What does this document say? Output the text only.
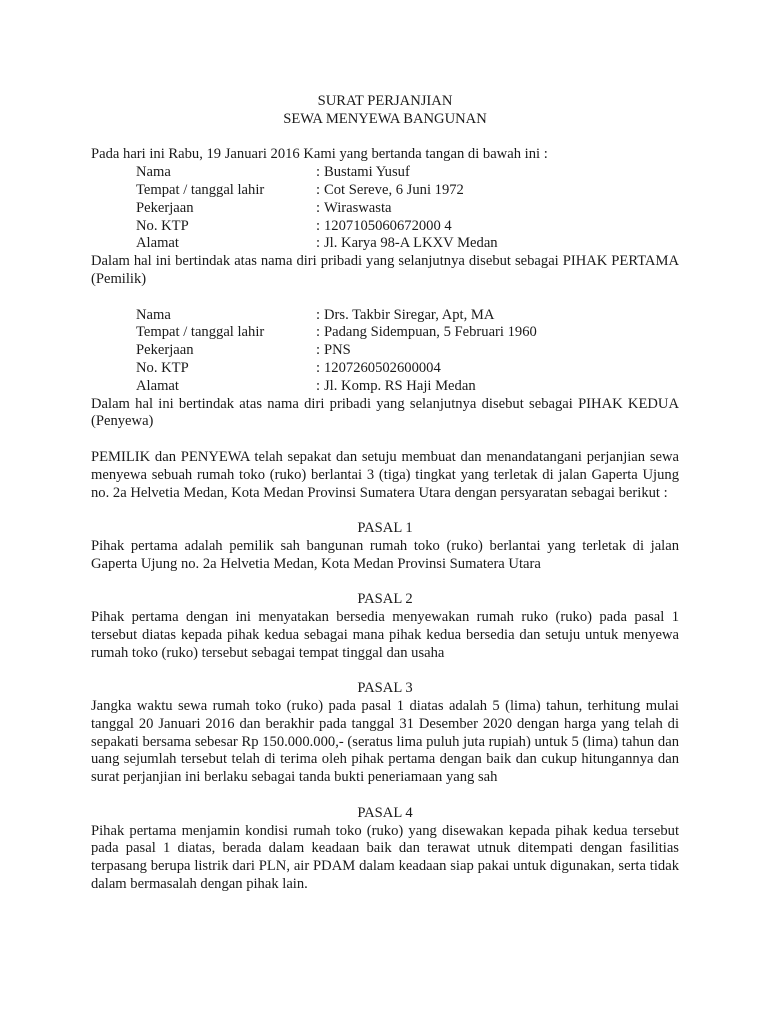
SURAT PERJANJIAN

SEWA MENYEWA BANGUNAN

Pada hari ini Rabu, 19 Januari 2016 Kami yang bertanda tangan di bawah ini :

Nama	: Bustami Yusuf
Tempat / tanggal lahir	: Cot Sereve, 6 Juni 1972
Pekerjaan	: Wiraswasta
No. KTP	: 1207105060672000 4
Alamat	: Jl. Karya 98-A LKXV Medan

Dalam hal ini bertindak atas nama diri pribadi yang selanjutnya disebut sebagai PIHAK PERTAMA (Pemilik)

Nama	: Drs. Takbir Siregar, Apt, MA
Tempat / tanggal lahir	: Padang Sidempuan, 5 Februari 1960
Pekerjaan	: PNS
No. KTP	: 1207260502600004
Alamat	: Jl. Komp. RS Haji Medan

Dalam hal ini bertindak atas nama diri pribadi yang selanjutnya disebut sebagai PIHAK KEDUA (Penyewa)

PEMILIK dan PENYEWA telah sepakat dan setuju membuat dan menandatangani perjanjian sewa menyewa sebuah rumah toko (ruko) berlantai 3 (tiga) tingkat yang terletak di jalan Gaperta Ujung no. 2a Helvetia Medan, Kota Medan Provinsi Sumatera Utara dengan persyaratan sebagai berikut :

PASAL 1

Pihak pertama adalah pemilik sah bangunan rumah toko (ruko) berlantai yang terletak di jalan Gaperta Ujung no. 2a Helvetia Medan, Kota Medan Provinsi Sumatera Utara

PASAL 2

Pihak pertama dengan ini menyatakan bersedia menyewakan rumah ruko (ruko) pada pasal 1 tersebut diatas kepada pihak kedua sebagai mana pihak kedua bersedia dan setuju untuk menyewa rumah toko (ruko) tersebut sebagai tempat tinggal dan usaha

PASAL 3

Jangka waktu sewa rumah toko (ruko) pada pasal 1 diatas adalah 5 (lima) tahun, terhitung mulai tanggal 20 Januari 2016 dan berakhir pada tanggal 31 Desember 2020 dengan harga yang telah di sepakati bersama sebesar Rp 150.000.000,- (seratus lima puluh juta rupiah) untuk 5 (lima) tahun dan uang sejumlah tersebut telah di terima oleh pihak pertama dengan baik dan cukup hitungannya dan surat perjanjian ini berlaku sebagai tanda bukti peneriamaan yang sah

PASAL 4

Pihak pertama menjamin kondisi rumah toko (ruko) yang disewakan kepada pihak kedua tersebut pada pasal 1 diatas, berada dalam keadaan baik dan terawat utnuk ditempati dengan fasilitias terpasang berupa listrik dari PLN, air PDAM dalam keadaan siap pakai untuk digunakan, serta tidak dalam bermasalah dengan pihak lain.
